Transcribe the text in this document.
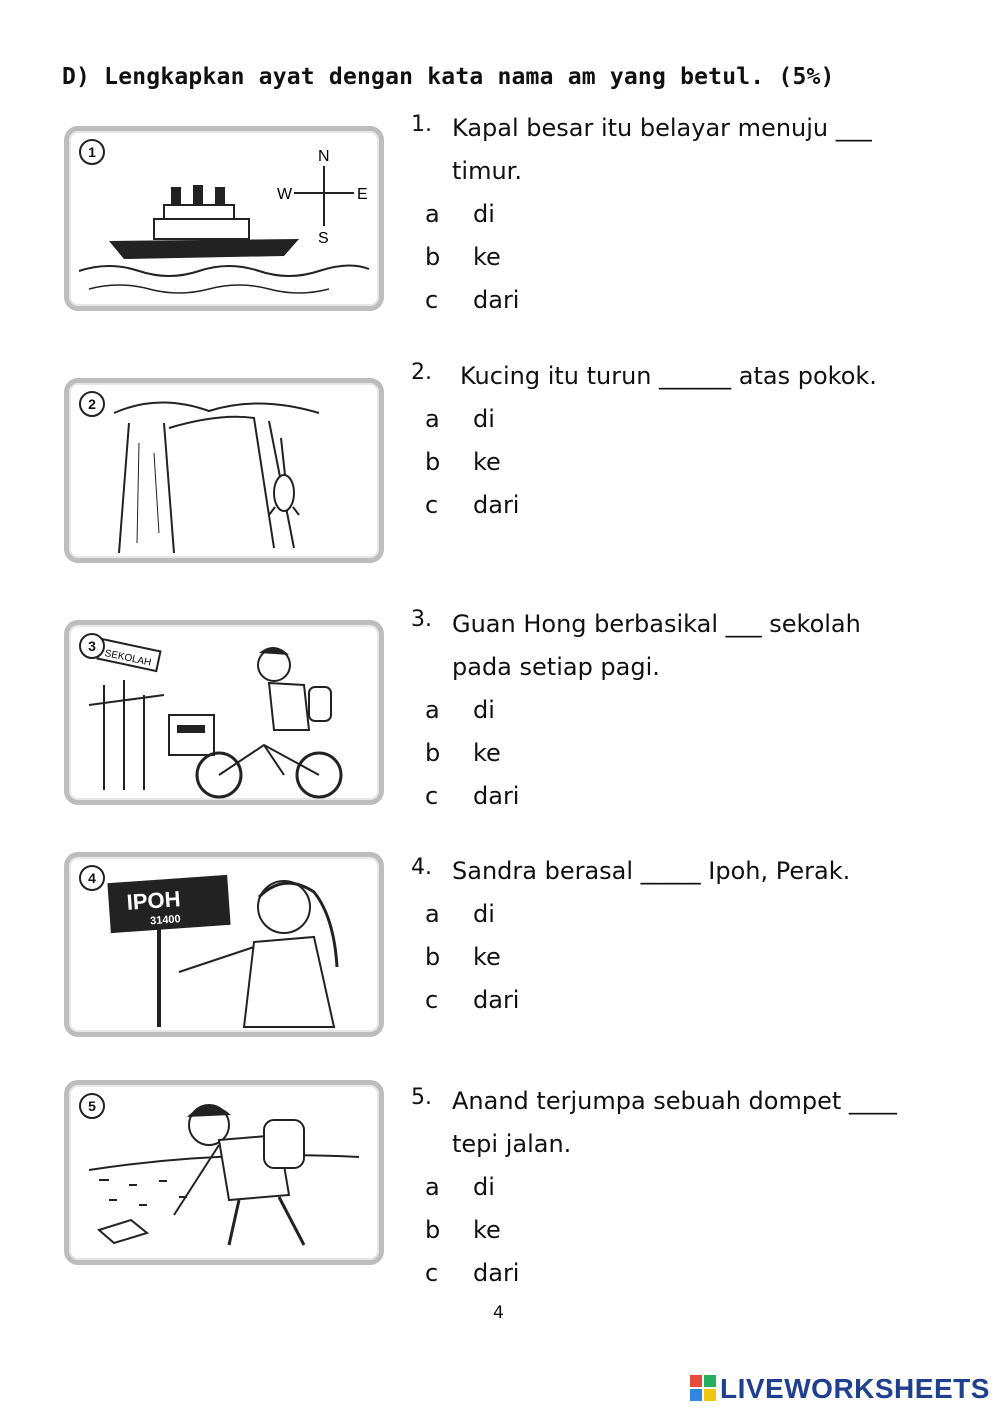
D) Lengkapkan ayat dengan kata nama am yang betul. (5%)
N
E
S
W
1
1. Kapal besar itu belayar menuju ___
timur.
a di
b ke
c dari
2
2. Kucing itu turun ______ atas pokok.
a di
b ke
c dari
SEKOLAH
3
3. Guan Hong berbasikal ___ sekolah
pada setiap pagi.
a di
b ke
c dari
IPOH
31400
4	4. Sandra berasal _____ Ipoh, Perak.
a di
b ke
c dari
5	5. Anand terjumpa sebuah dompet ____
tepi jalan.
a di
b ke
c dari
4
LIVEWORKSHEETS
